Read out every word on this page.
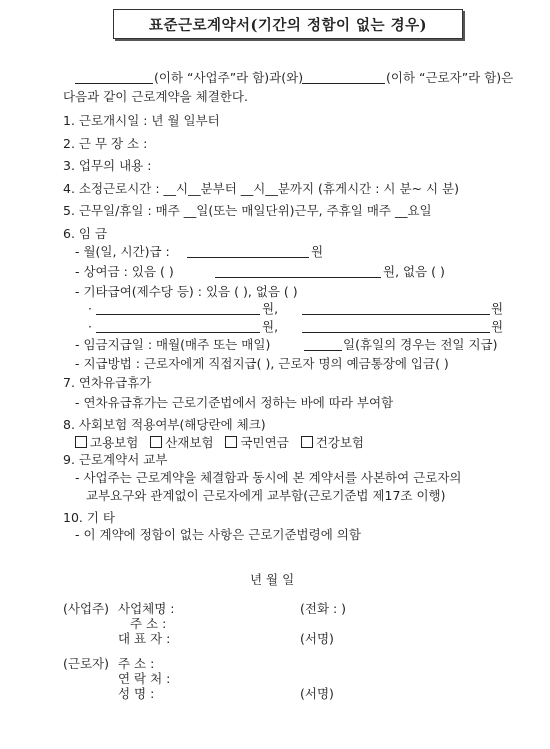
표준근로계약서(기간의 정함이 없는 경우)
(이하 “사업주”라 함)과(와)	(이하 “근로자”라 함)은
다음과 같이 근로계약을 체결한다.
1. 근로개시일 : 년 월 일부터
2. 근 무 장 소 :
3. 업무의 내용 :
4. 소정근로시간 : __시__분부터 __시__분까지 (휴게시간 : 시 분~ 시 분)
5. 근무일/휴일 : 매주 __일(또는 매일단위)근무, 주휴일 매주 __요일
6. 임 금
- 월(일, 시간)급 :	원
- 상여금 : 있음 ( )	원, 없음 ( )
- 기타급여(제수당 등) : 있음 ( ), 없음 ( )
·	원,	원
·	원,	원
- 임금지급일 : 매월(매주 또는 매일)	일(휴일의 경우는 전일 지급)
- 지급방법 : 근로자에게 직접지급( ), 근로자 명의 예금통장에 입금( )
7. 연차유급휴가
- 연차유급휴가는 근로기준법에서 정하는 바에 따라 부여함
8. 사회보험 적용여부(해당란에 체크)
고용보험 산재보험 국민연금 건강보험
9. 근로계약서 교부
- 사업주는 근로계약을 체결함과 동시에 본 계약서를 사본하여 근로자의
교부요구와 관계없이 근로자에게 교부함(근로기준법 제17조 이행)
10. 기 타
- 이 계약에 정함이 없는 사항은 근로기준법령에 의함
년 월 일
(사업주) 사업체명 :	(전화 : )
주 소 :
대 표 자 :	(서명)
(근로자) 주 소 :
연 락 처 :
성 명 :	(서명)
